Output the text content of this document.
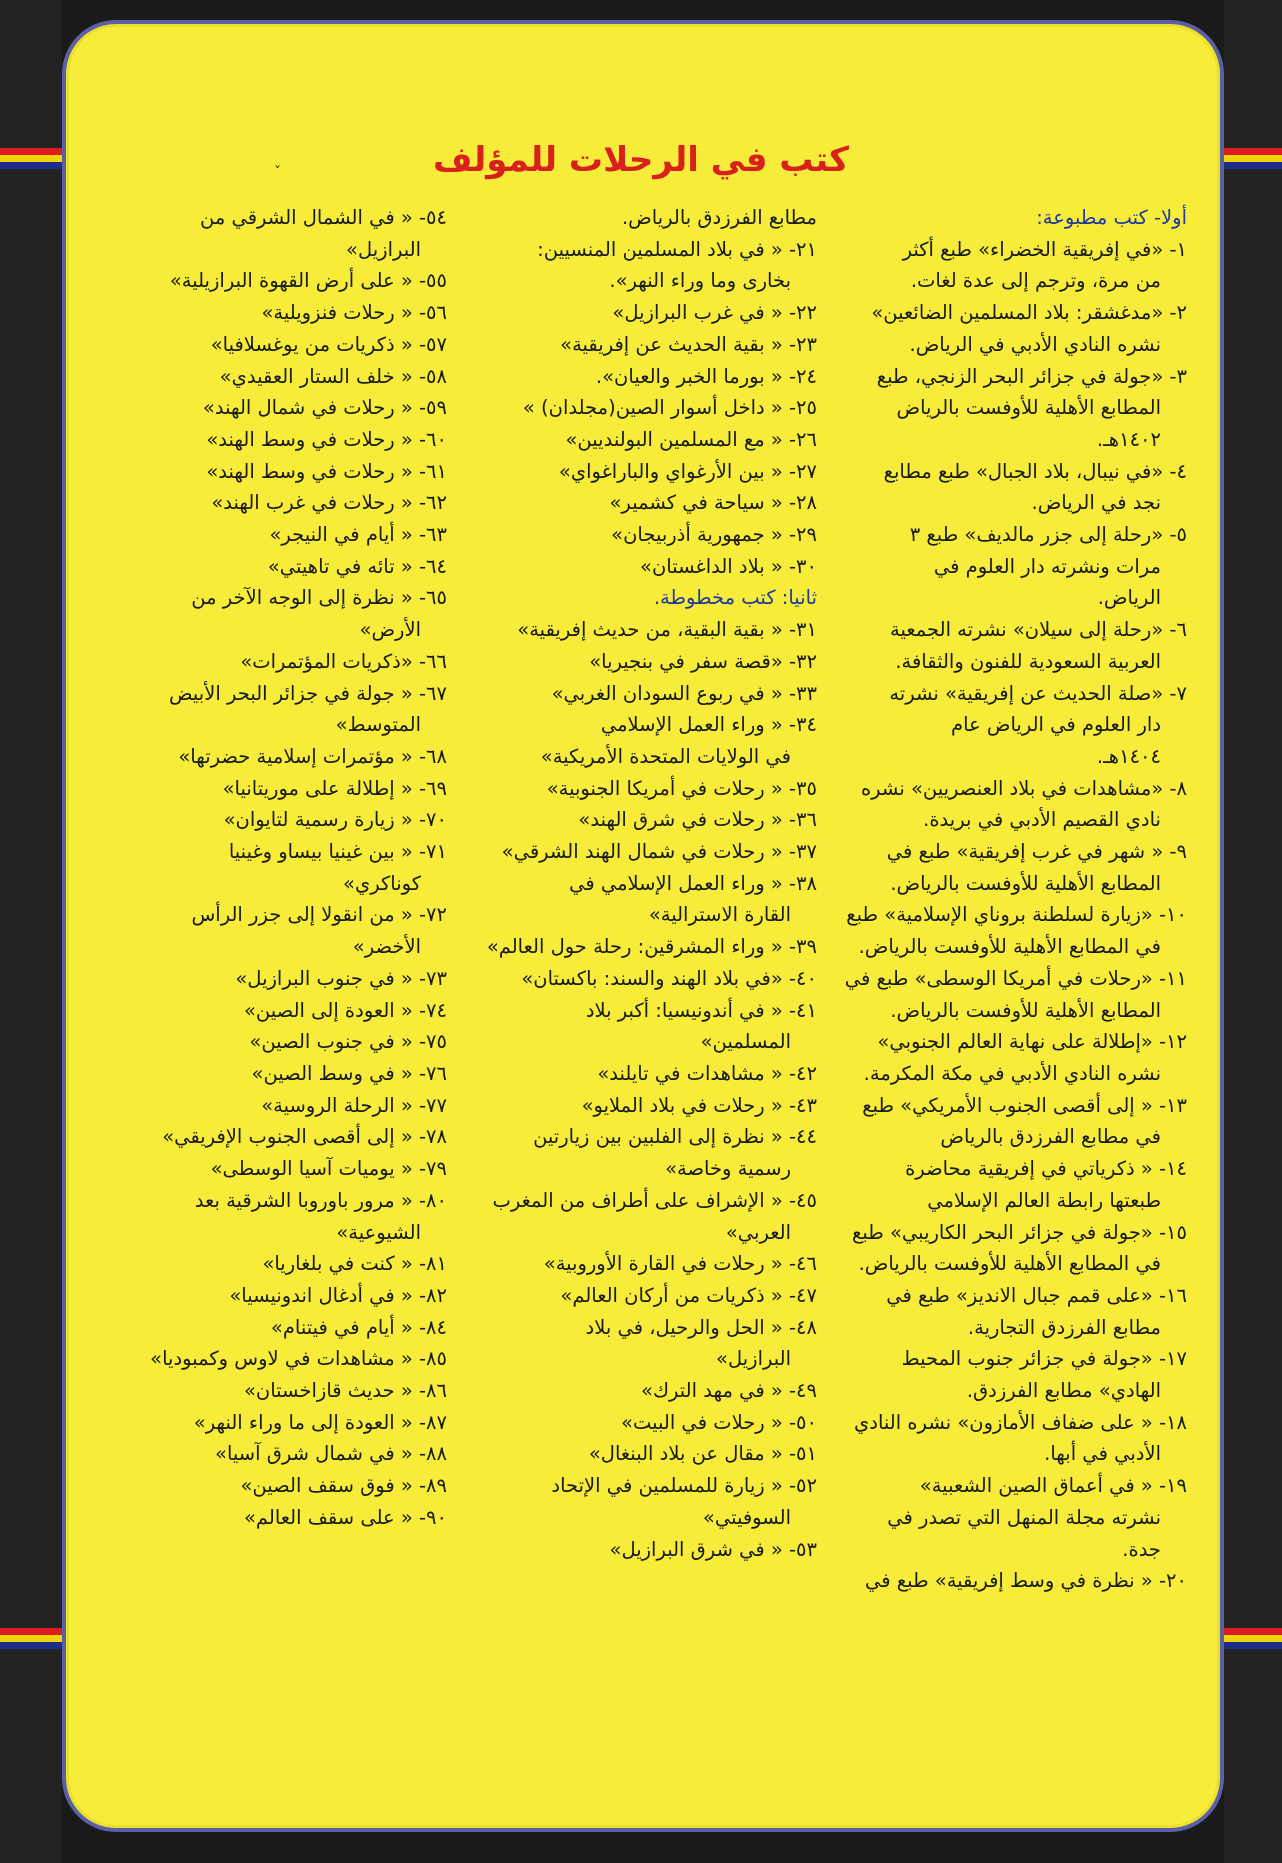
كتب في الرحلات للمؤلف
ˇ
أولا- كتب مطبوعة:
١- «في إفريقية الخضراء» طبع أكثر
من مرة، وترجم إلى عدة لغات.
٢- «مدغشقر: بلاد المسلمين الضائعين»
نشره النادي الأدبي في الرياض.
٣- «جولة في جزائر البحر الزنجي، طبع
المطابع الأهلية للأوفست بالرياض
١٤٠٢هـ.
٤- «في نيبال، بلاد الجبال» طبع مطابع
نجد في الرياض.
٥- «رحلة إلى جزر مالديف» طبع ٣
مرات ونشرته دار العلوم في
الرياض.
٦- «رحلة إلى سيلان» نشرته الجمعية
العربية السعودية للفنون والثقافة.
٧- «صلة الحديث عن إفريقية» نشرته
دار العلوم في الرياض عام
١٤٠٤هـ.
٨- «مشاهدات في بلاد العنصريين» نشره
نادي القصيم الأدبي في بريدة.
٩- « شهر في غرب إفريقية» طبع في
المطابع الأهلية للأوفست بالرياض.
١٠- «زيارة لسلطنة بروناي الإسلامية» طبع
في المطابع الأهلية للأوفست بالرياض.
١١- «رحلات في أمريكا الوسطى» طبع في
المطابع الأهلية للأوفست بالرياض.
١٢- «إطلالة على نهاية العالم الجنوبي»
نشره النادي الأدبي في مكة المكرمة.
١٣- « إلى أقصى الجنوب الأمريكي» طبع
في مطابع الفرزدق بالرياض
١٤- « ذكرياتي في إفريقية محاضرة
طبعتها رابطة العالم الإسلامي
١٥- «جولة في جزائر البحر الكاريبي» طبع
في المطابع الأهلية للأوفست بالرياض.
١٦- «على قمم جبال الانديز» طبع في
مطابع الفرزدق التجارية.
١٧- «جولة في جزائر جنوب المحيط
الهادي» مطابع الفرزدق.
١٨- « على ضفاف الأمازون» نشره النادي
الأدبي في أبها.
١٩- « في أعماق الصين الشعبية»
نشرته مجلة المنهل التي تصدر في
جدة.
٢٠- « نظرة في وسط إفريقية» طبع في
مطابع الفرزدق بالرياض.
٢١- « في بلاد المسلمين المنسيين:
بخارى وما وراء النهر».
٢٢- « في غرب البرازيل»
٢٣- « بقية الحديث عن إفريقية»
٢٤- « بورما الخبر والعيان».
٢٥- « داخل أسوار الصين(مجلدان) »
٢٦- « مع المسلمين البولنديين»
٢٧- « بين الأرغواي والباراغواي»
٢٨- « سياحة في كشمير»
٢٩- « جمهورية أذربيجان»
٣٠- « بلاد الداغستان»
ثانيا: كتب مخطوطة.
٣١- « بقية البقية، من حديث إفريقية»
٣٢- «قصة سفر في بنجيريا»
٣٣- « في ربوع السودان الغربي»
٣٤- « وراء العمل الإسلامي
في الولايات المتحدة الأمريكية»
٣٥- « رحلات في أمريكا الجنوبية»
٣٦- « رحلات في شرق الهند»
٣٧- « رحلات في شمال الهند الشرقي»
٣٨- « وراء العمل الإسلامي في
القارة الاسترالية»
٣٩- « وراء المشرقين: رحلة حول العالم»
٤٠- «في بلاد الهند والسند: باكستان»
٤١- « في أندونيسيا: أكبر بلاد
المسلمين»
٤٢- « مشاهدات في تايلند»
٤٣- « رحلات في بلاد الملايو»
٤٤- « نظرة إلى الفلبين بين زيارتين
رسمية وخاصة»
٤٥- « الإشراف على أطراف من المغرب
العربي»
٤٦- « رحلات في القارة الأوروبية»
٤٧- « ذكريات من أركان العالم»
٤٨- « الحل والرحيل، في بلاد
البرازيل»
٤٩- « في مهد الترك»
٥٠- « رحلات في البيت»
٥١- « مقال عن بلاد البنغال»
٥٢- « زيارة للمسلمين في الإتحاد
السوفيتي»
٥٣- « في شرق البرازيل»
٥٤- « في الشمال الشرقي من
البرازيل»
٥٥- « على أرض القهوة البرازيلية»
٥٦- « رحلات فنزويلية»
٥٧- « ذكريات من يوغسلافيا»
٥٨- « خلف الستار العقيدي»
٥٩- « رحلات في شمال الهند»
٦٠- « رحلات في وسط الهند»
٦١- « رحلات في وسط الهند»
٦٢- « رحلات في غرب الهند»
٦٣- « أيام في النيجر»
٦٤- « تائه في تاهيتي»
٦٥- « نظرة إلى الوجه الآخر من
الأرض»
٦٦- «ذكريات المؤتمرات»
٦٧- « جولة في جزائر البحر الأبيض
المتوسط»
٦٨- « مؤتمرات إسلامية حضرتها»
٦٩- « إطلالة على موريتانيا»
٧٠- « زيارة رسمية لتايوان»
٧١- « بين غينيا بيساو وغينيا
كوناكري»
٧٢- « من انقولا إلى جزر الرأس
الأخضر»
٧٣- « في جنوب البرازيل»
٧٤- « العودة إلى الصين»
٧٥- « في جنوب الصين»
٧٦- « في وسط الصين»
٧٧- « الرحلة الروسية»
٧٨- « إلى أقصى الجنوب الإفريقي»
٧٩- « يوميات آسيا الوسطى»
٨٠- « مرور باوروبا الشرقية بعد
الشيوعية»
٨١- « كنت في بلغاريا»
٨٢- « في أدغال اندونيسيا»
٨٤- « أيام في فيتنام»
٨٥- « مشاهدات في لاوس وكمبوديا»
٨٦- « حديث قازاخستان»
٨٧- « العودة إلى ما وراء النهر»
٨٨- « في شمال شرق آسيا»
٨٩- « فوق سقف الصين»
٩٠- « على سقف العالم»
